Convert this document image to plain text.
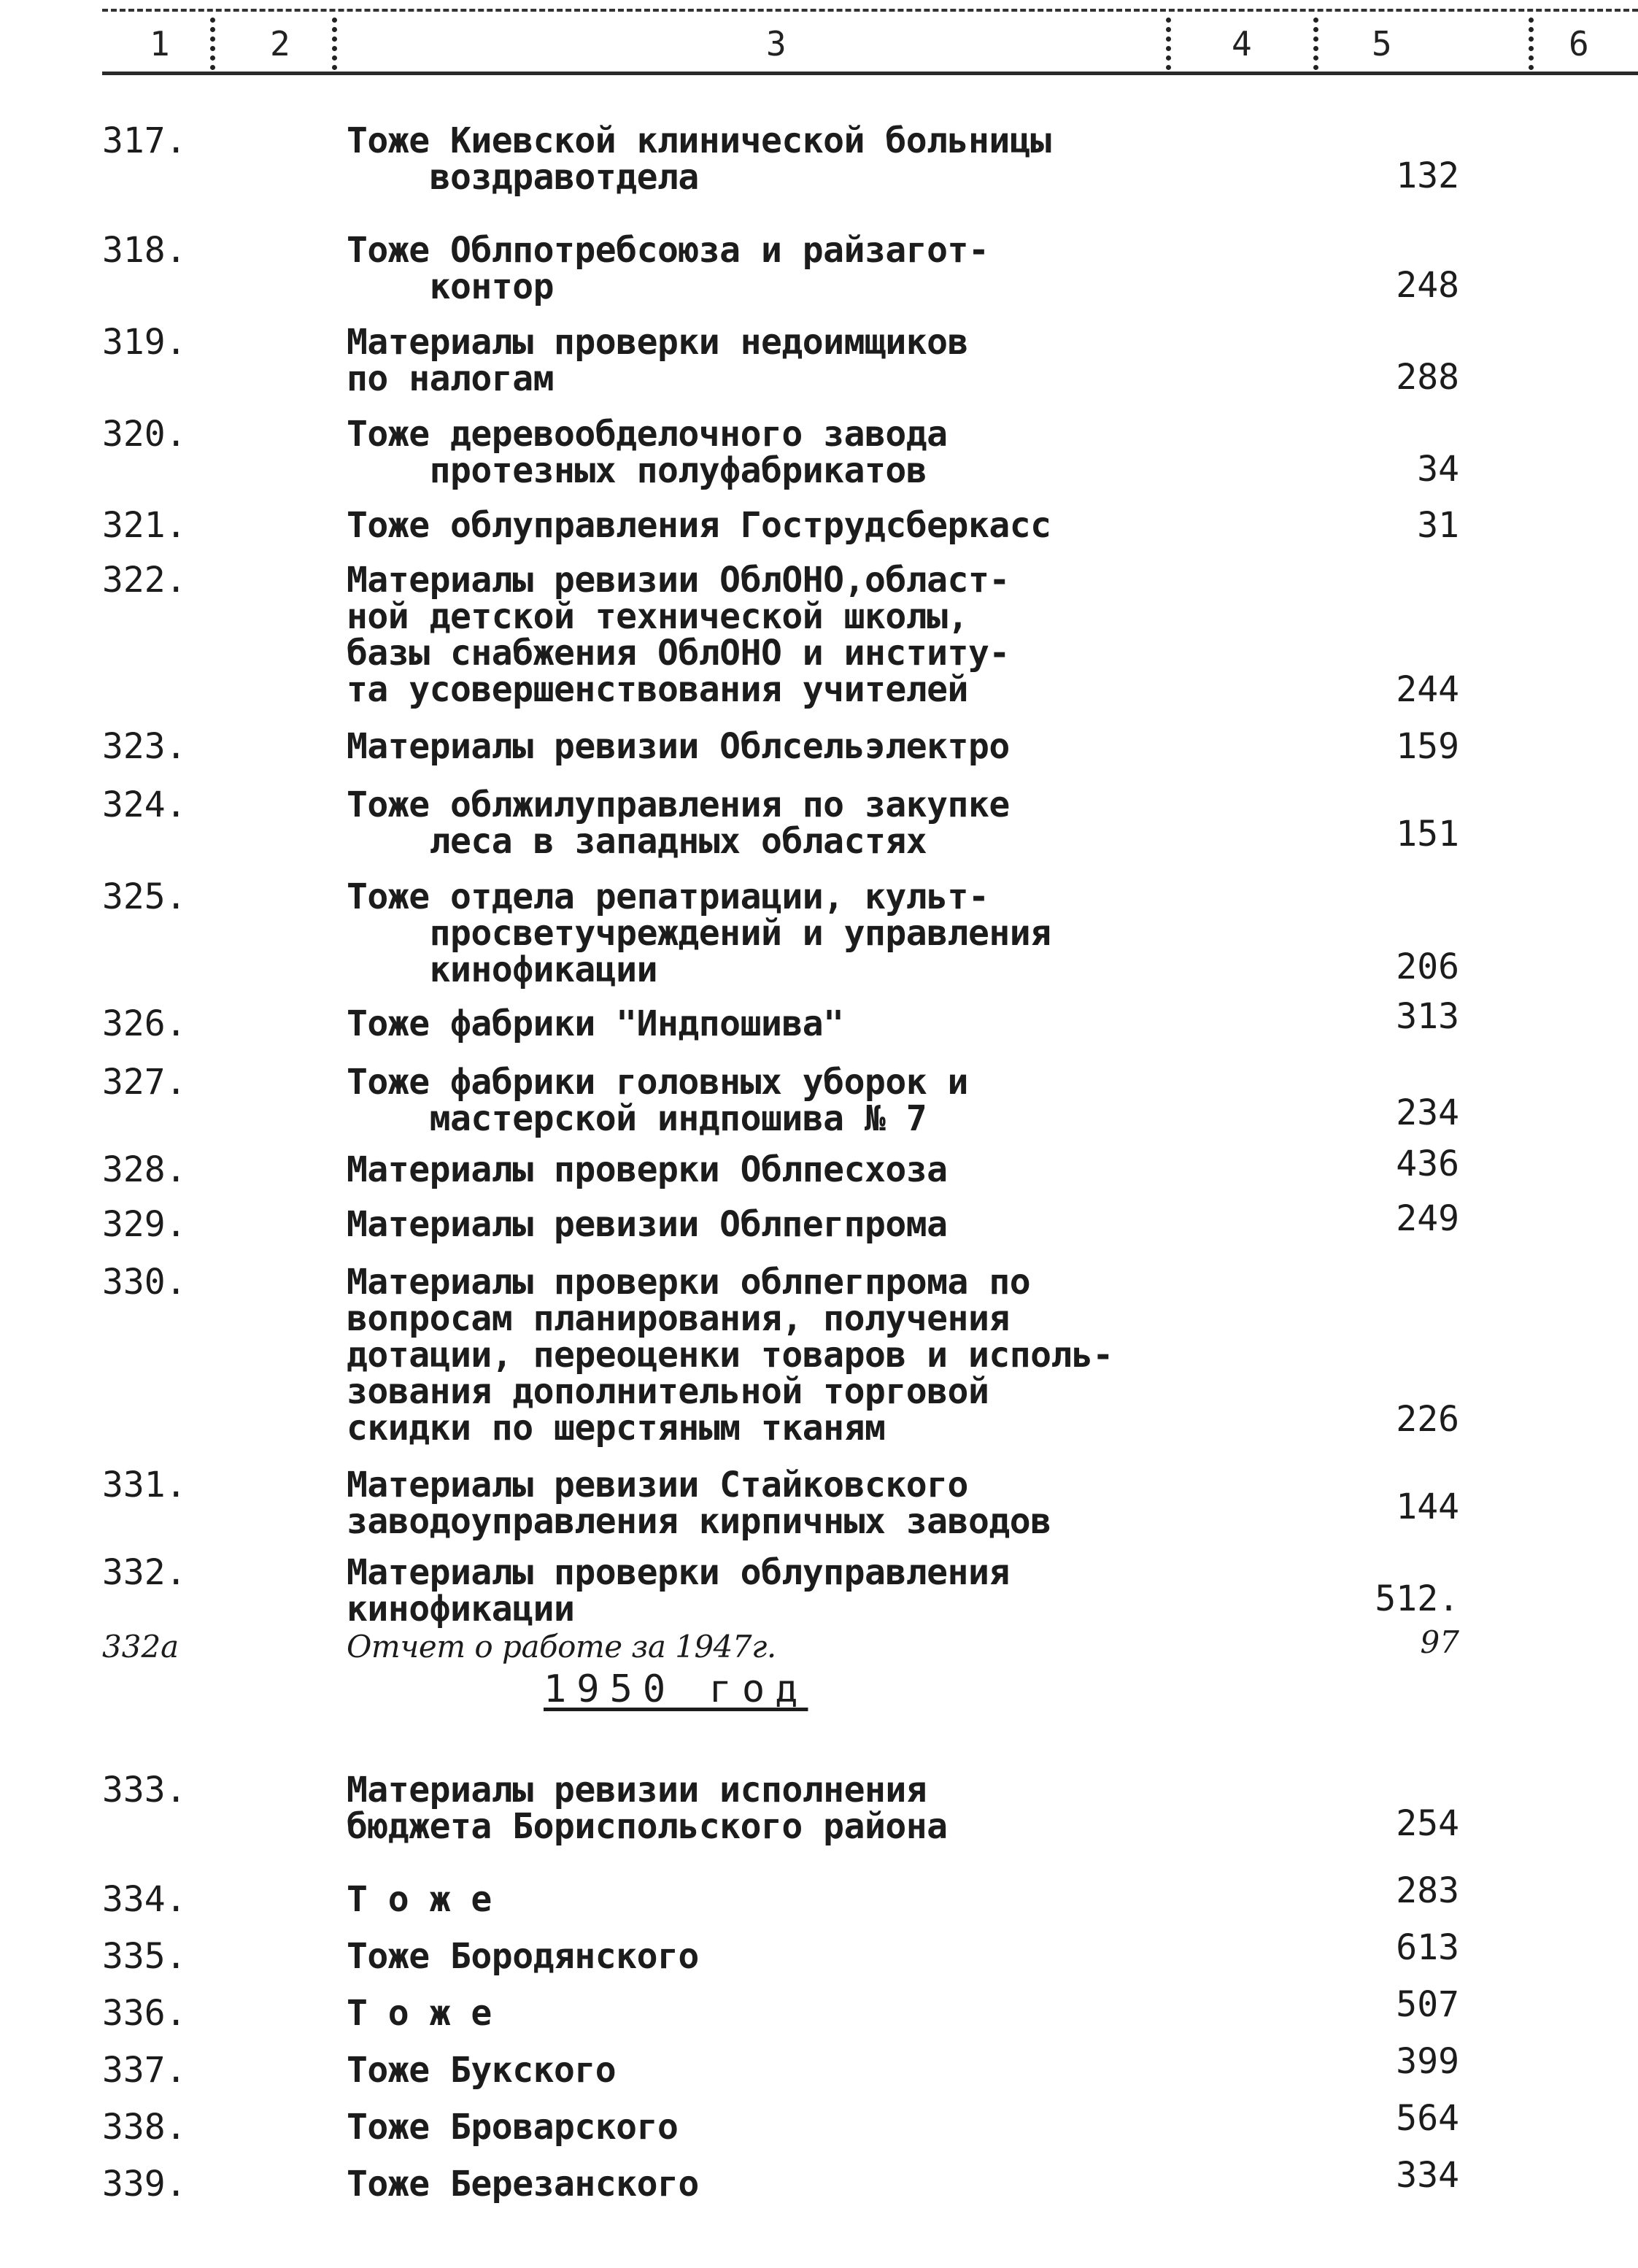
1	2	3	4	5	6
317.	Тоже Киевской клинической больницы
воздравотдела	132
318.	Тоже Облпотребсоюза и райзагот-
контор	248
319.	Материалы проверки недоимщиков
по налогам	288
320.	Тоже деревообделочного завода
протезных полуфабрикатов	34
321.	Тоже облуправления Гострудсберкасс	31
322.	Материалы ревизии ОблОНО,област-
ной детской технической школы,
базы снабжения ОблОНО и институ-
та усовершенствования учителей	244
323.	Материалы ревизии Облсельэлектро	159
324.	Тоже облжилуправления по закупке
леса в западных областях	151
325.	Тоже отдела репатриации, культ-
просветучреждений и управления
кинофикации	206
326.	Тоже фабрики "Индпошива"	313
327.	Тоже фабрики головных уборок и
мастерской индпошива № 7	234
328.	Материалы проверки Облпесхоза	436
329.	Материалы ревизии Облпегпрома	249
330.	Материалы проверки облпегпрома по
вопросам планирования, получения
дотации, переоценки товаров и исполь-
зования дополнительной торговой
скидки по шерстяным тканям	226
331.	Материалы ревизии Стайковского
заводоуправления кирпичных заводов	144
332.	Материалы проверки облуправления
кинофикации	512.
332а	Отчет о работе за 1947г.	97
1950 год
333.	Материалы ревизии исполнения
бюджета Бориспольского района	254
334.	Т о ж е	283
335.	Тоже Бородянского	613
336.	Т о ж е	507
337.	Тоже Букского	399
338.	Тоже Броварского	564
339.	Тоже Березанского	334
